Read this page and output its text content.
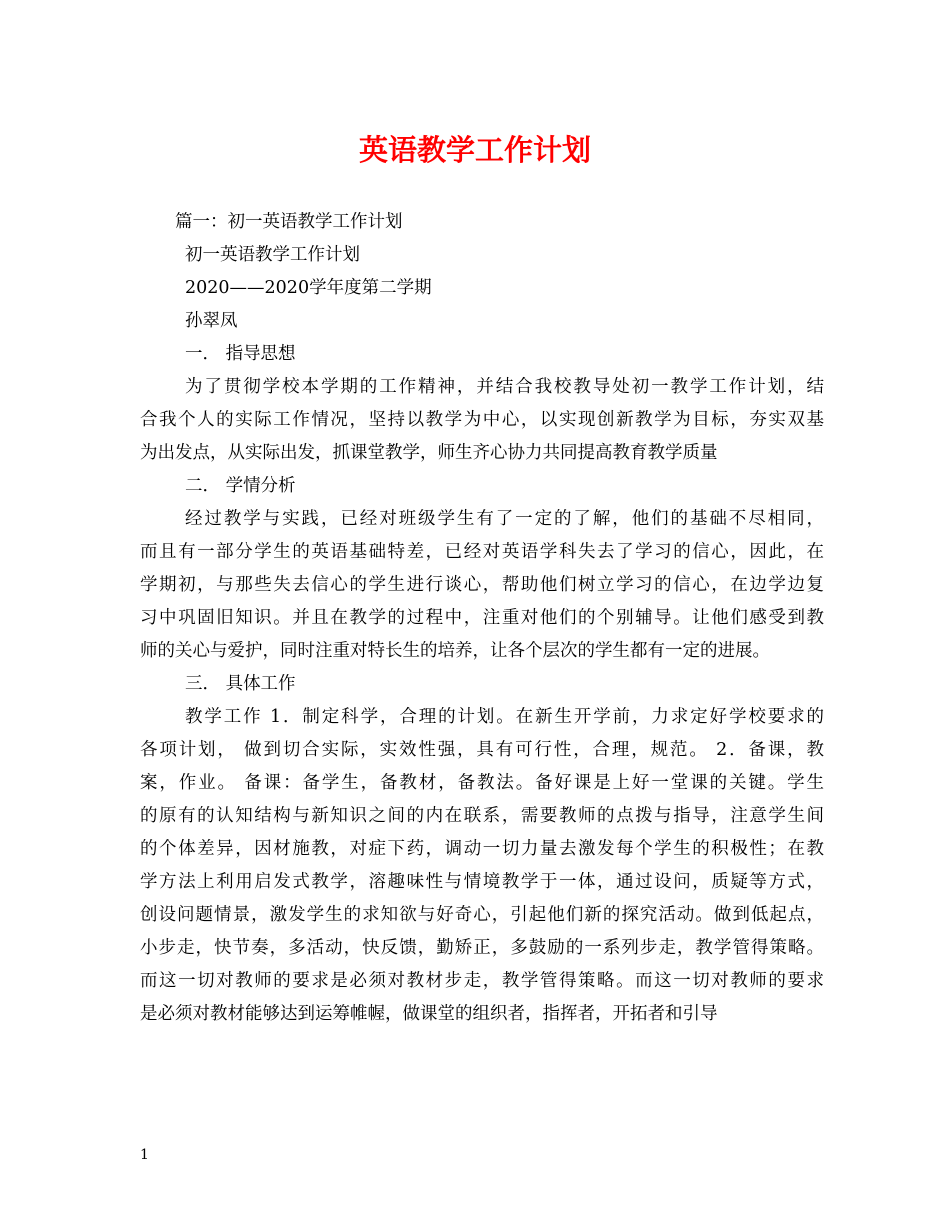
英语教学工作计划
篇一：初一英语教学工作计划
初一英语教学工作计划
2020——2020学年度第二学期
孙翠凤
一． 指导思想
为了贯彻学校本学期的工作精神，并结合我校教导处初一教学工作计划，结
合我个人的实际工作情况，坚持以教学为中心，以实现创新教学为目标，夯实双基
为出发点，从实际出发，抓课堂教学，师生齐心协力共同提高教育教学质量
二． 学情分析
经过教学与实践，已经对班级学生有了一定的了解，他们的基础不尽相同，
而且有一部分学生的英语基础特差，已经对英语学科失去了学习的信心，因此，在
学期初，与那些失去信心的学生进行谈心，帮助他们树立学习的信心，在边学边复
习中巩固旧知识。并且在教学的过程中，注重对他们的个别辅导。让他们感受到教
师的关心与爱护，同时注重对特长生的培养，让各个层次的学生都有一定的进展。
三． 具体工作
教学工作 1．制定科学，合理的计划。在新生开学前，力求定好学校要求的
各项计划， 做到切合实际，实效性强，具有可行性，合理，规范。 2．备课，教
案，作业。 备课：备学生，备教材，备教法。备好课是上好一堂课的关键。学生
的原有的认知结构与新知识之间的内在联系，需要教师的点拨与指导，注意学生间
的个体差异，因材施教，对症下药，调动一切力量去激发每个学生的积极性；在教
学方法上利用启发式教学，溶趣味性与情境教学于一体，通过设问，质疑等方式，
创设问题情景，激发学生的求知欲与好奇心，引起他们新的探究活动。做到低起点，
小步走，快节奏，多活动，快反馈，勤矫正，多鼓励的一系列步走，教学管得策略。
而这一切对教师的要求是必须对教材步走，教学管得策略。而这一切对教师的要求
是必须对教材能够达到运筹帷幄，做课堂的组织者，指挥者，开拓者和引导
1
